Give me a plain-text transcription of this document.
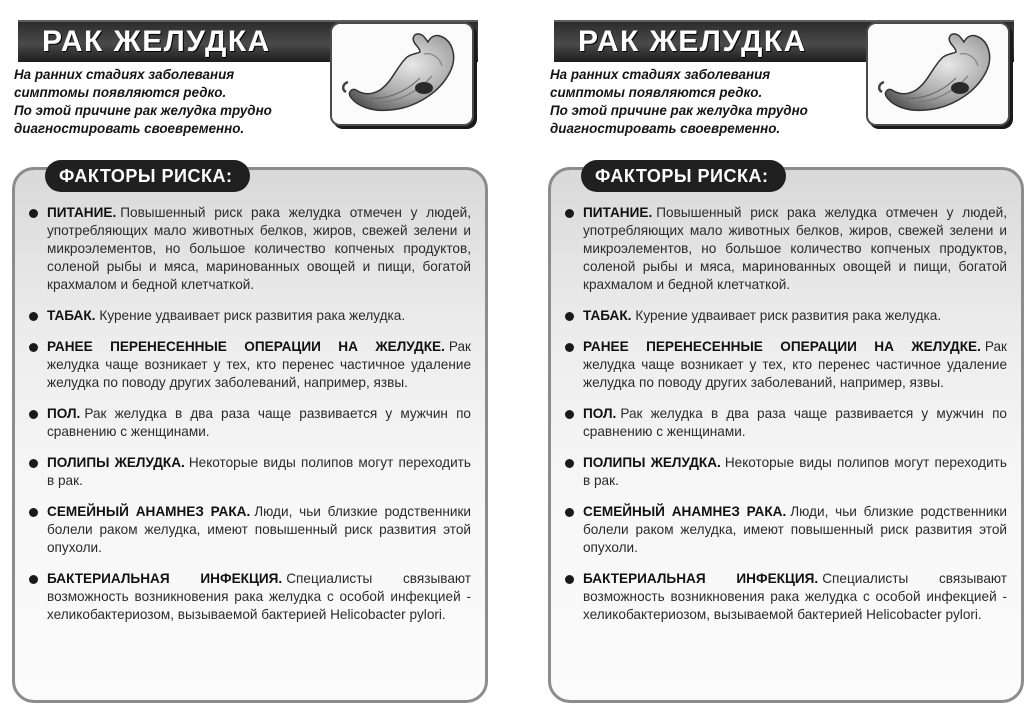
РАК ЖЕЛУДКА
На ранних стадиях заболевания
симптомы появляются редко.
По этой причине рак желудка трудно
диагностировать своевременно.
ФАКТОРЫ РИСКА:
ПИТАНИЕ. Повышенный риск рака желудка отмечен у людей, употребляющих мало животных белков, жиров, свежей зелени и микроэлементов, но большое количество копченых продуктов, соленой рыбы и мяса, маринованных овощей и пищи, богатой крахмалом и бедной клетчаткой.
ТАБАК. Курение удваивает риск развития рака желудка.
РАНЕЕ ПЕРЕНЕСЕННЫЕ ОПЕРАЦИИ НА ЖЕЛУДКЕ. Рак желудка чаще возникает у тех, кто перенес частичное удаление желудка по поводу других заболеваний, например, язвы.
ПОЛ. Рак желудка в два раза чаще развивается у мужчин по сравнению с женщинами.
ПОЛИПЫ ЖЕЛУДКА. Некоторые виды полипов могут переходить в рак.
СЕМЕЙНЫЙ АНАМНЕЗ РАКА. Люди, чьи близкие родственники болели раком желудка, имеют повышенный риск развития этой опухоли.
БАКТЕРИАЛЬНАЯ ИНФЕКЦИЯ. Специалисты связывают возможность возникновения рака желудка с особой инфекцией - хеликобактериозом, вызываемой бактерией Helicobacter pylori.
РАК ЖЕЛУДКА
На ранних стадиях заболевания
симптомы появляются редко.
По этой причине рак желудка трудно
диагностировать своевременно.
ФАКТОРЫ РИСКА:
ПИТАНИЕ. Повышенный риск рака желудка отмечен у людей, употребляющих мало животных белков, жиров, свежей зелени и микроэлементов, но большое количество копченых продуктов, соленой рыбы и мяса, маринованных овощей и пищи, богатой крахмалом и бедной клетчаткой.
ТАБАК. Курение удваивает риск развития рака желудка.
РАНЕЕ ПЕРЕНЕСЕННЫЕ ОПЕРАЦИИ НА ЖЕЛУДКЕ. Рак желудка чаще возникает у тех, кто перенес частичное удаление желудка по поводу других заболеваний, например, язвы.
ПОЛ. Рак желудка в два раза чаще развивается у мужчин по сравнению с женщинами.
ПОЛИПЫ ЖЕЛУДКА. Некоторые виды полипов могут переходить в рак.
СЕМЕЙНЫЙ АНАМНЕЗ РАКА. Люди, чьи близкие родственники болели раком желудка, имеют повышенный риск развития этой опухоли.
БАКТЕРИАЛЬНАЯ ИНФЕКЦИЯ. Специалисты связывают возможность возникновения рака желудка с особой инфекцией - хеликобактериозом, вызываемой бактерией Helicobacter pylori.
